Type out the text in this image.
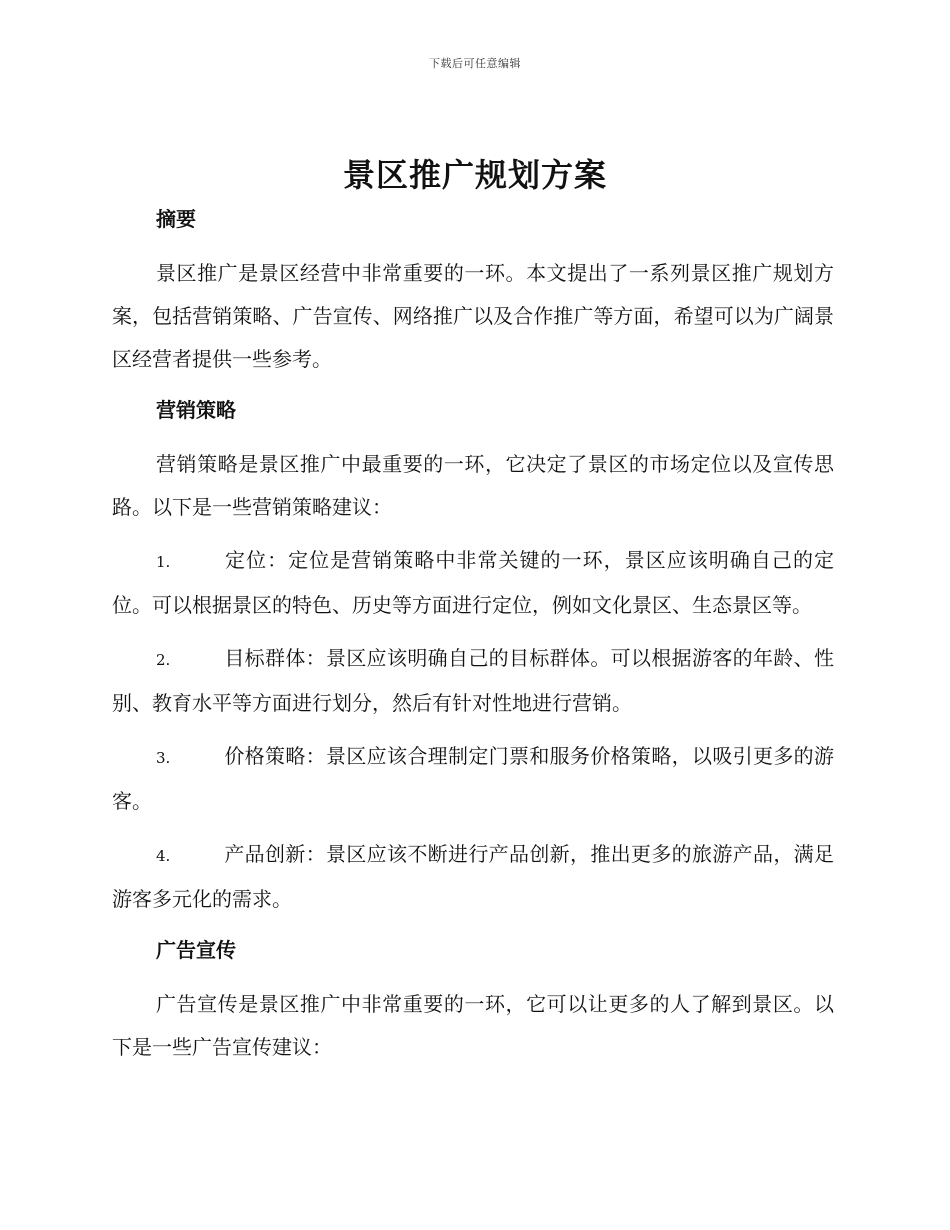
下载后可任意编辑
景区推广规划方案
摘要

景区推广是景区经营中非常重要的一环。本文提出了一系列景区推广规划方案，包括营销策略、广告宣传、网络推广以及合作推广等方面，希望可以为广阔景区经营者提供一些参考。

营销策略

营销策略是景区推广中最重要的一环，它决定了景区的市场定位以及宣传思路。以下是一些营销策略建议：

1.	定位：定位是营销策略中非常关键的一环，景区应该明确自己的定位。可以根据景区的特色、历史等方面进行定位，例如文化景区、生态景区等。
2.	目标群体：景区应该明确自己的目标群体。可以根据游客的年龄、性别、教育水平等方面进行划分，然后有针对性地进行营销。
3.	价格策略：景区应该合理制定门票和服务价格策略，以吸引更多的游客。
4.	产品创新：景区应该不断进行产品创新，推出更多的旅游产品，满足游客多元化的需求。
广告宣传

广告宣传是景区推广中非常重要的一环，它可以让更多的人了解到景区。以下是一些广告宣传建议：
